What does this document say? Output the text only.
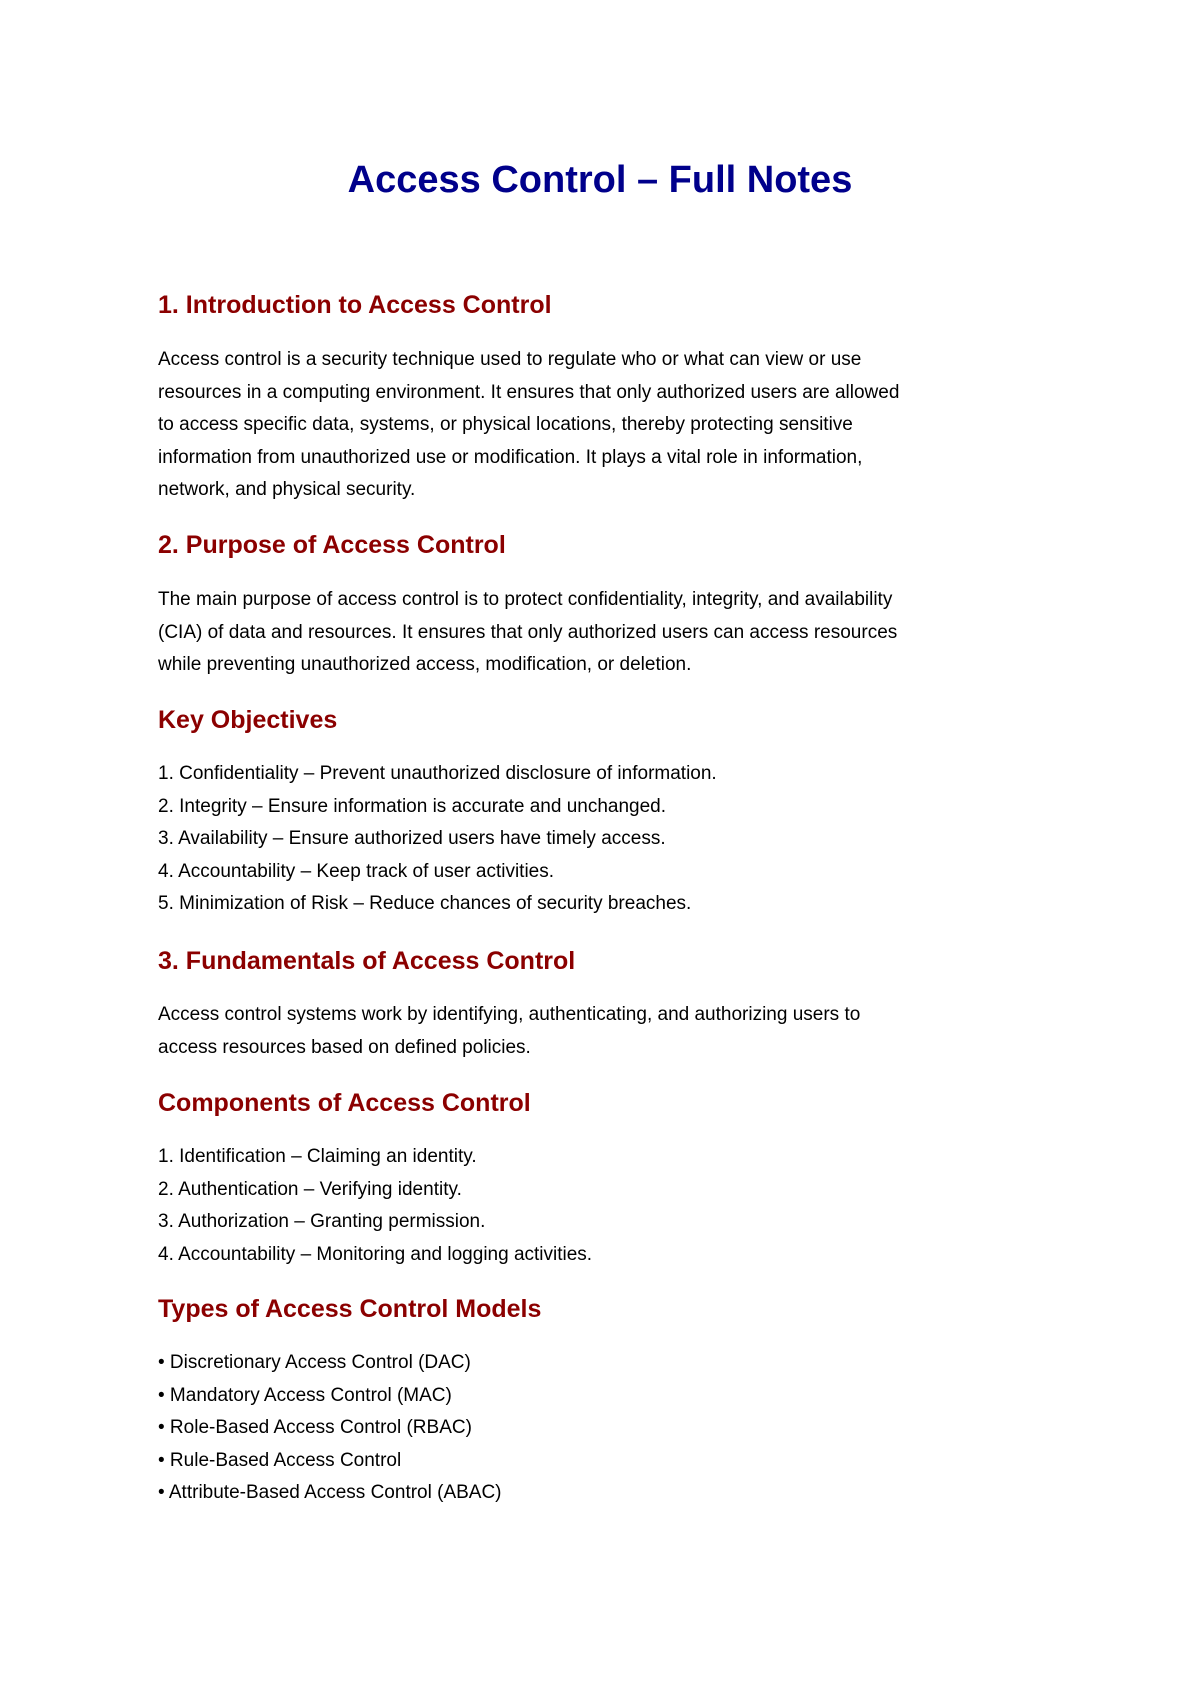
Access Control – Full Notes
1. Introduction to Access Control
Access control is a security technique used to regulate who or what can view or use
resources in a computing environment. It ensures that only authorized users are allowed
to access specific data, systems, or physical locations, thereby protecting sensitive
information from unauthorized use or modification. It plays a vital role in information,
network, and physical security.
2. Purpose of Access Control
The main purpose of access control is to protect confidentiality, integrity, and availability
(CIA) of data and resources. It ensures that only authorized users can access resources
while preventing unauthorized access, modification, or deletion.
Key Objectives
1. Confidentiality – Prevent unauthorized disclosure of information.
2. Integrity – Ensure information is accurate and unchanged.
3. Availability – Ensure authorized users have timely access.
4. Accountability – Keep track of user activities.
5. Minimization of Risk – Reduce chances of security breaches.
3. Fundamentals of Access Control
Access control systems work by identifying, authenticating, and authorizing users to
access resources based on defined policies.
Components of Access Control
1. Identification – Claiming an identity.
2. Authentication – Verifying identity.
3. Authorization – Granting permission.
4. Accountability – Monitoring and logging activities.
Types of Access Control Models
• Discretionary Access Control (DAC)
• Mandatory Access Control (MAC)
• Role-Based Access Control (RBAC)
• Rule-Based Access Control
• Attribute-Based Access Control (ABAC)
